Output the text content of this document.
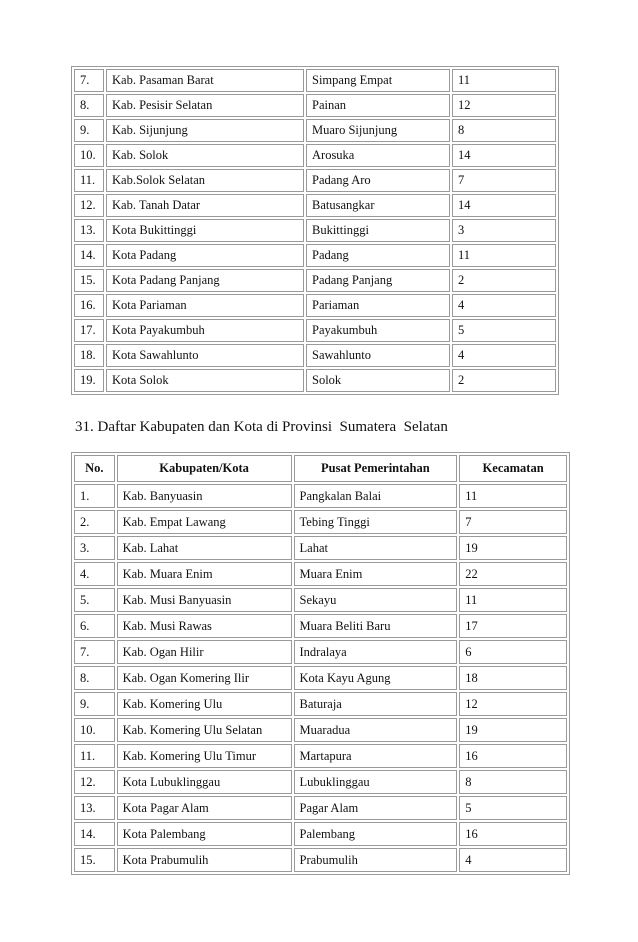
7.	Kab. Pasaman Barat	Simpang Empat	11
8.	Kab. Pesisir Selatan	Painan	12
9.	Kab. Sijunjung	Muaro Sijunjung	8
10.	Kab. Solok	Arosuka	14
11.	Kab.Solok Selatan	Padang Aro	7
12.	Kab. Tanah Datar	Batusangkar	14
13.	Kota Bukittinggi	Bukittinggi	3
14.	Kota Padang	Padang	11
15.	Kota Padang Panjang	Padang Panjang	2
16.	Kota Pariaman	Pariaman	4
17.	Kota Payakumbuh	Payakumbuh	5
18.	Kota Sawahlunto	Sawahlunto	4
19.	Kota Solok	Solok	2
31. Daftar Kabupaten dan Kota di Provinsi  Sumatera  Selatan
No.	Kabupaten/Kota	Pusat Pemerintahan	Kecamatan
1.	Kab. Banyuasin	Pangkalan Balai	11
2.	Kab. Empat Lawang	Tebing Tinggi	7
3.	Kab. Lahat	Lahat	19
4.	Kab. Muara Enim	Muara Enim	22
5.	Kab. Musi Banyuasin	Sekayu	11
6.	Kab. Musi Rawas	Muara Beliti Baru	17
7.	Kab. Ogan Hilir	Indralaya	6
8.	Kab. Ogan Komering Ilir	Kota Kayu Agung	18
9.	Kab. Komering Ulu	Baturaja	12
10.	Kab. Komering Ulu Selatan	Muaradua	19
11.	Kab. Komering Ulu Timur	Martapura	16
12.	Kota Lubuklinggau	Lubuklinggau	8
13.	Kota Pagar Alam	Pagar Alam	5
14.	Kota Palembang	Palembang	16
15.	Kota Prabumulih	Prabumulih	4
